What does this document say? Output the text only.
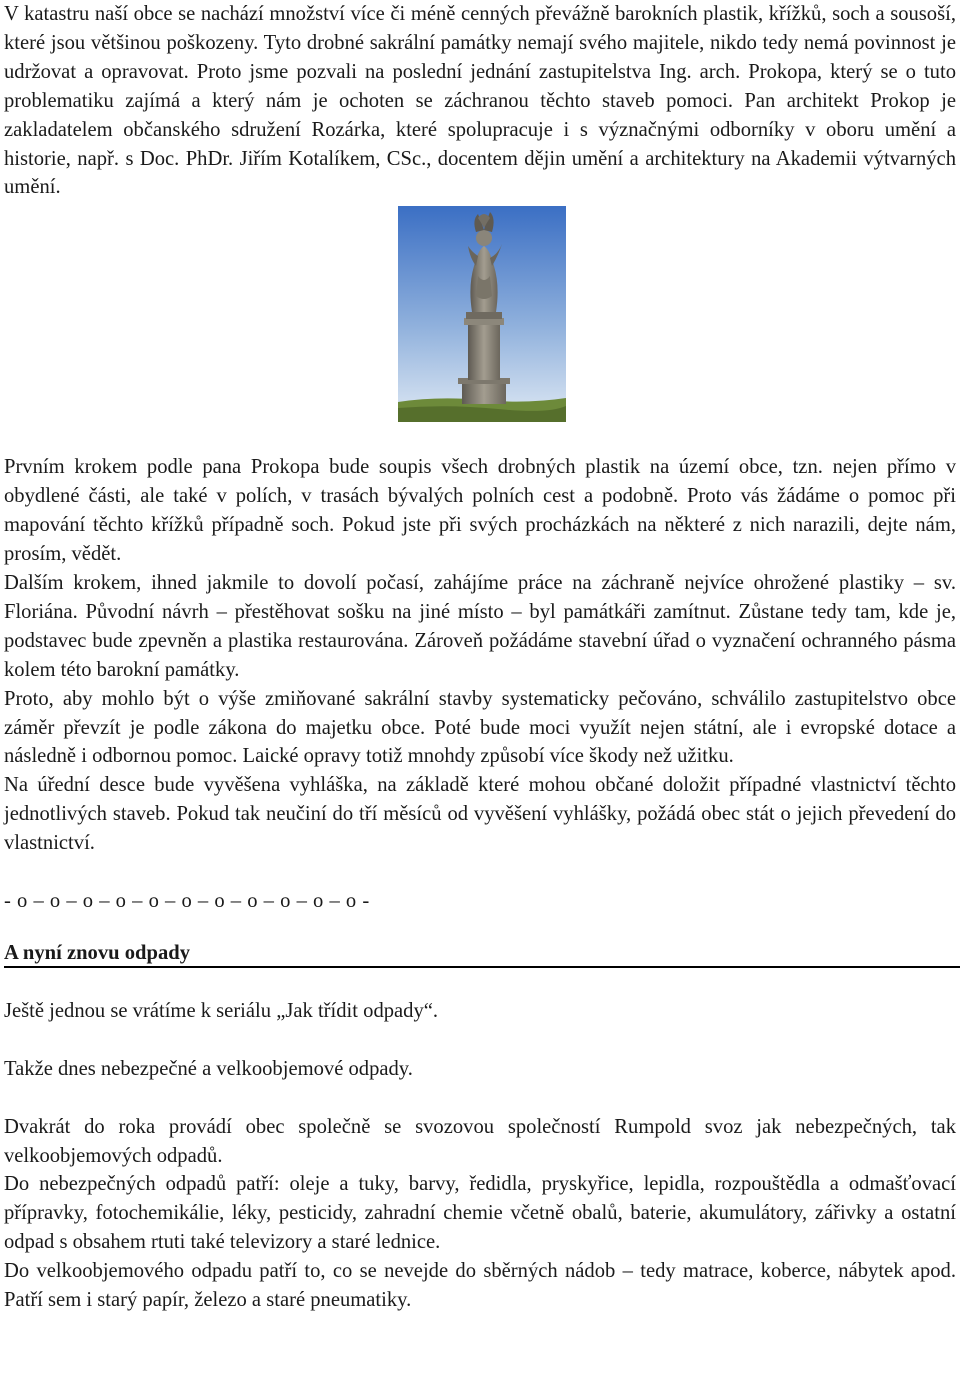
V katastru naší obce se nachází množství více či méně cenných převážně barokních plastik, křížků, soch a sousoší, které jsou většinou poškozeny. Tyto drobné sakrální památky nemají svého majitele, nikdo tedy nemá povinnost je udržovat a opravovat. Proto jsme pozvali na poslední jednání zastupitelstva Ing. arch. Prokopa, který se o tuto problematiku zajímá a který nám je ochoten se záchranou těchto staveb pomoci. Pan architekt Prokop je zakladatelem občanského sdružení Rozárka, které spolupracuje i s význačnými odborníky v oboru umění a historie, např. s Doc. PhDr. Jiřím Kotalíkem, CSc., docentem dějin umění a architektury na Akademii výtvarných umění.

Prvním krokem podle pana Prokopa bude soupis všech drobných plastik na území obce, tzn. nejen přímo v obydlené části, ale také v polích, v trasách bývalých polních cest a podobně. Proto vás žádáme o pomoc při mapování těchto křížků případně soch. Pokud jste při svých procházkách na některé z nich narazili, dejte nám, prosím, vědět.

Dalším krokem, ihned jakmile to dovolí počasí, zahájíme práce na záchraně nejvíce ohrožené plastiky – sv. Floriána. Původní návrh – přestěhovat sošku na jiné místo – byl památkáři zamítnut. Zůstane tedy tam, kde je, podstavec bude zpevněn a plastika restaurována. Zároveň požádáme stavební úřad o vyznačení ochranného pásma kolem této barokní památky.

Proto, aby mohlo být o výše zmiňované sakrální stavby systematicky pečováno, schválilo zastupitelstvo obce záměr převzít je podle zákona do majetku obce. Poté bude moci využít nejen státní, ale i evropské dotace a následně i odbornou pomoc. Laické opravy totiž mnohdy způsobí více škody než užitku.

Na úřední desce bude vyvěšena vyhláška, na základě které mohou občané doložit případné vlastnictví těchto jednotlivých staveb. Pokud tak neučiní do tří měsíců od vyvěšení vyhlášky, požádá obec stát o jejich převedení do vlastnictví.

- o – o – o – o – o – o – o – o – o – o – o -

A nyní znovu odpady

Ještě jednou se vrátíme k seriálu „Jak třídit odpady“.

Takže dnes nebezpečné a velkoobjemové odpady.

Dvakrát do roka provádí obec společně se svozovou společností Rumpold svoz jak nebezpečných, tak velkoobjemových odpadů.

Do nebezpečných odpadů patří: oleje a tuky, barvy, ředidla, pryskyřice, lepidla, rozpouštědla a odmašťovací přípravky, fotochemikálie, léky, pesticidy, zahradní chemie včetně obalů, baterie, akumulátory, zářivky a ostatní odpad s obsahem rtuti také televizory a staré lednice.

Do velkoobjemového odpadu patří to, co se nevejde do sběrných nádob – tedy matrace, koberce, nábytek apod. Patří sem i starý papír, železo a staré pneumatiky.
